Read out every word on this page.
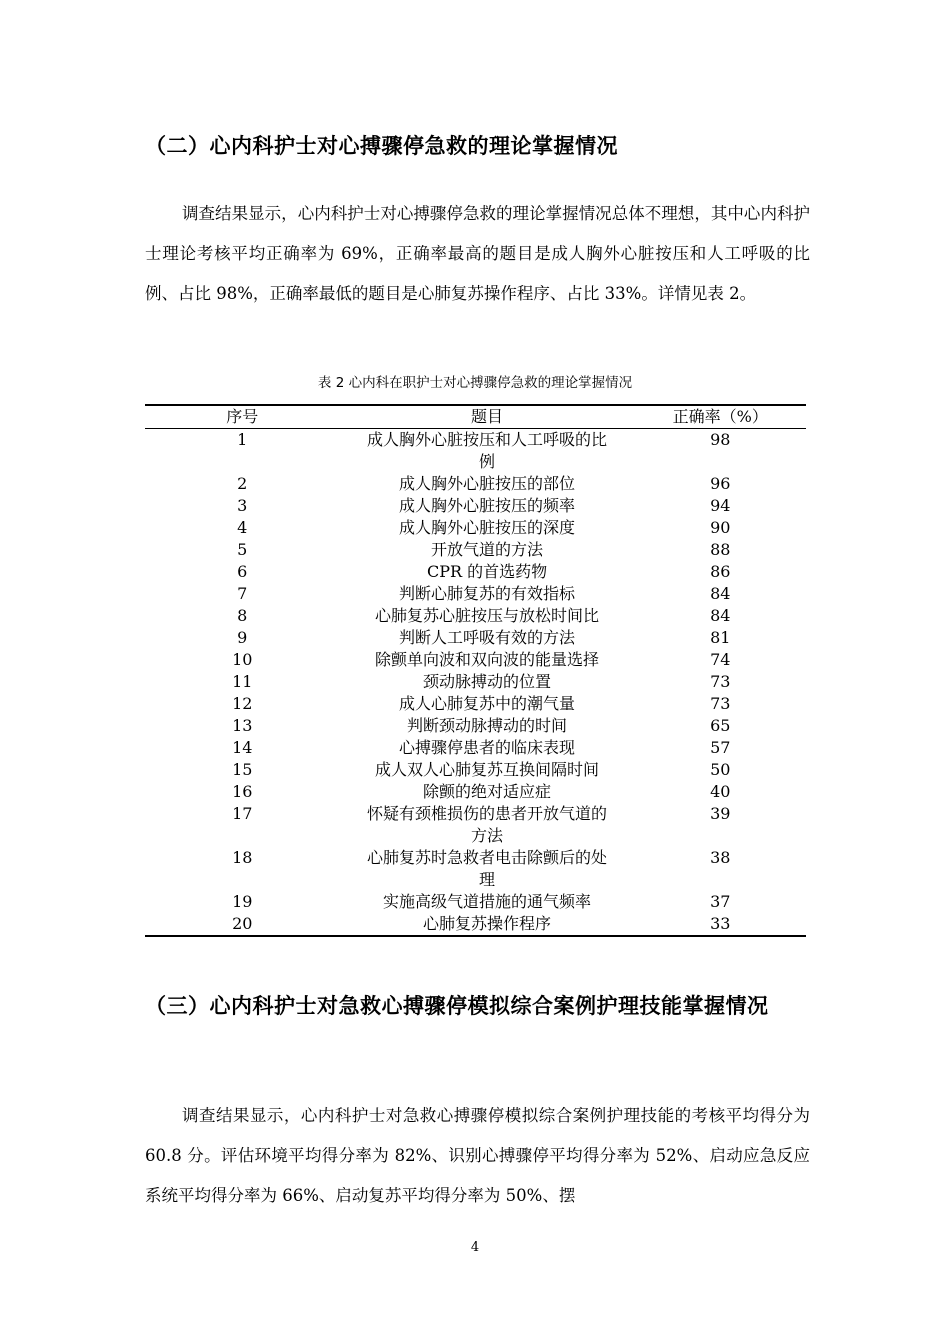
（二）心内科护士对心搏骤停急救的理论掌握情况

调查结果显示，心内科护士对心搏骤停急救的理论掌握情况总体不理想，其中心内科护士理论考核平均正确率为 69%，正确率最高的题目是成人胸外心脏按压和人工呼吸的比例、占比 98%，正确率最低的题目是心肺复苏操作程序、占比 33%。详情见表 2。

表 2 心内科在职护士对心搏骤停急救的理论掌握情况
序号	题目	正确率（%）
1	成人胸外心脏按压和人工呼吸的比例	98
2	成人胸外心脏按压的部位	96
3	成人胸外心脏按压的频率	94
4	成人胸外心脏按压的深度	90
5	开放气道的方法	88
6	CPR 的首选药物	86
7	判断心肺复苏的有效指标	84
8	心肺复苏心脏按压与放松时间比	84
9	判断人工呼吸有效的方法	81
10	除颤单向波和双向波的能量选择	74
11	颈动脉搏动的位置	73
12	成人心肺复苏中的潮气量	73
13	判断颈动脉搏动的时间	65
14	心搏骤停患者的临床表现	57
15	成人双人心肺复苏互换间隔时间	50
16	除颤的绝对适应症	40
17	怀疑有颈椎损伤的患者开放气道的方法	39
18	心肺复苏时急救者电击除颤后的处理	38
19	实施高级气道措施的通气频率	37
20	心肺复苏操作程序	33
（三）心内科护士对急救心搏骤停模拟综合案例护理技能掌握情况

调查结果显示，心内科护士对急救心搏骤停模拟综合案例护理技能的考核平均得分为 60.8 分。评估环境平均得分率为 82%、识别心搏骤停平均得分率为 52%、启动应急反应系统平均得分率为 66%、启动复苏平均得分率为 50%、摆

4
